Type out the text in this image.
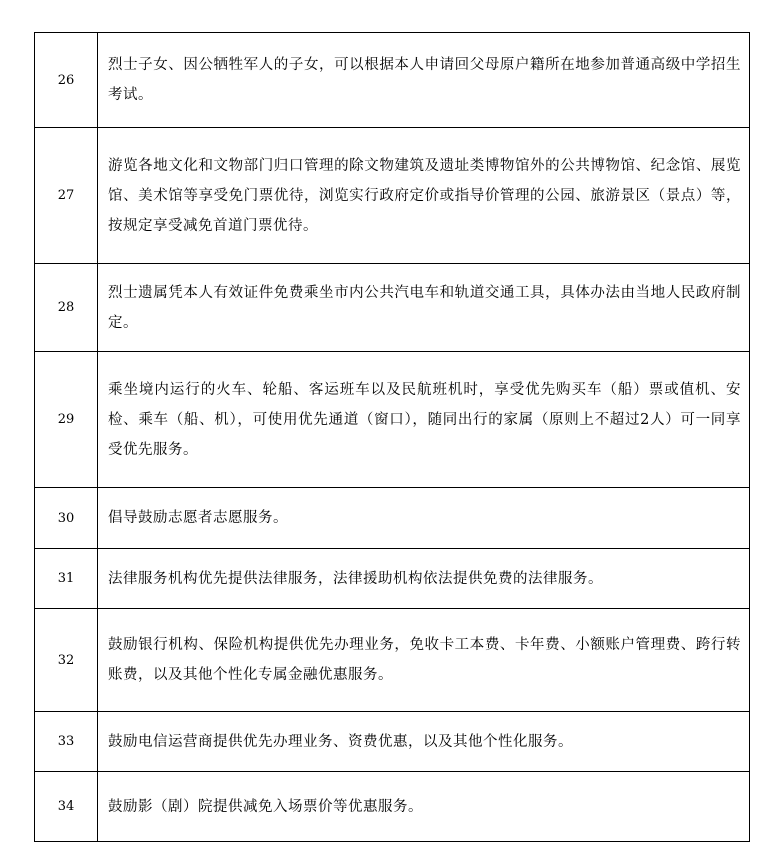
26	烈士子女、因公牺牲军人的子女，可以根据本人申请回父母原户籍所在地参加普通高级中学招生考试。
27	游览各地文化和文物部门归口管理的除文物建筑及遗址类博物馆外的公共博物馆、纪念馆、展览馆、美术馆等享受免门票优待，浏览实行政府定价或指导价管理的公园、旅游景区（景点）等，按规定享受减免首道门票优待。
28	烈士遗属凭本人有效证件免费乘坐市内公共汽电车和轨道交通工具，具体办法由当地人民政府制定。
29	乘坐境内运行的火车、轮船、客运班车以及民航班机时，享受优先购买车（船）票或值机、安检、乘车（船、机），可使用优先通道（窗口），随同出行的家属（原则上不超过2人）可一同享受优先服务。
30	倡导鼓励志愿者志愿服务。
31	法律服务机构优先提供法律服务，法律援助机构依法提供免费的法律服务。
32	鼓励银行机构、保险机构提供优先办理业务，免收卡工本费、卡年费、小额账户管理费、跨行转账费，以及其他个性化专属金融优惠服务。
33	鼓励电信运营商提供优先办理业务、资费优惠，以及其他个性化服务。
34	鼓励影（剧）院提供减免入场票价等优惠服务。
